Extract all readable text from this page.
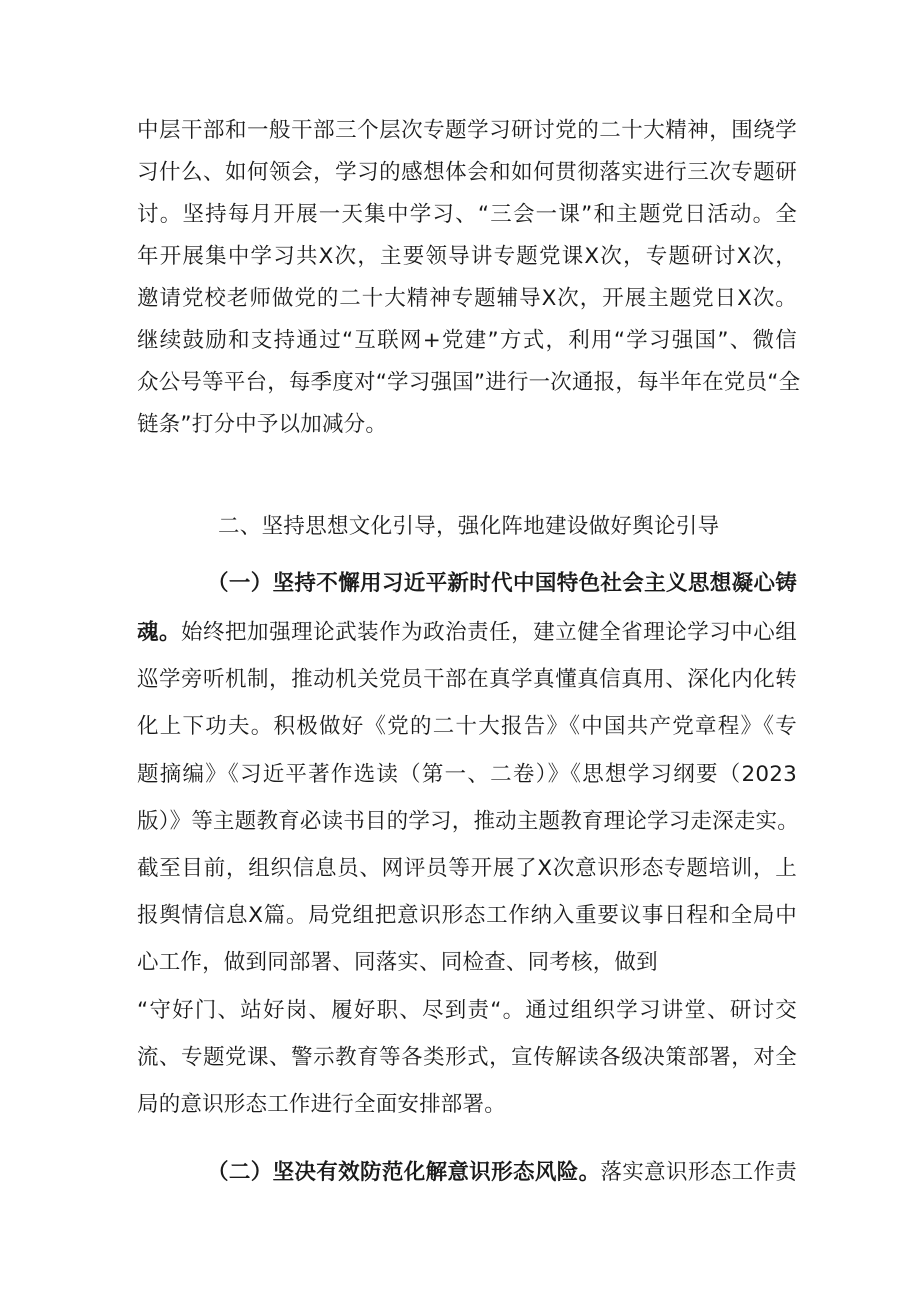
中层干部和一般干部三个层次专题学习研讨党的二十大精神，围绕学
习什么、如何领会，学习的感想体会和如何贯彻落实进行三次专题研
讨。坚持每月开展一天集中学习、“三会一课”和主题党日活动。全
年开展集中学习共X次，主要领导讲专题党课X次，专题研讨X次，
邀请党校老师做党的二十大精神专题辅导X次，开展主题党日X次。
继续鼓励和支持通过“互联网+党建”方式，利用“学习强国”、微信
众公号等平台，每季度对“学习强国”进行一次通报，每半年在党员“全
链条”打分中予以加减分。
二、坚持思想文化引导，强化阵地建设做好舆论引导
（一）坚持不懈用习近平新时代中国特色社会主义思想凝心铸
魂。始终把加强理论武装作为政治责任，建立健全省理论学习中心组
巡学旁听机制，推动机关党员干部在真学真懂真信真用、深化内化转
化上下功夫。积极做好《党的二十大报告》《中国共产党章程》《专
题摘编》《习近平著作选读（第一、二卷）》《思想学习纲要（2023
版）》等主题教育必读书目的学习，推动主题教育理论学习走深走实。
截至目前，组织信息员、网评员等开展了X次意识形态专题培训，上
报舆情信息X篇。局党组把意识形态工作纳入重要议事日程和全局中
心工作，做到同部署、同落实、同检查、同考核，做到
“守好门、站好岗、履好职、尽到责“。通过组织学习讲堂、研讨交
流、专题党课、警示教育等各类形式，宣传解读各级决策部署，对全
局的意识形态工作进行全面安排部署。
（二）坚决有效防范化解意识形态风险。落实意识形态工作责
